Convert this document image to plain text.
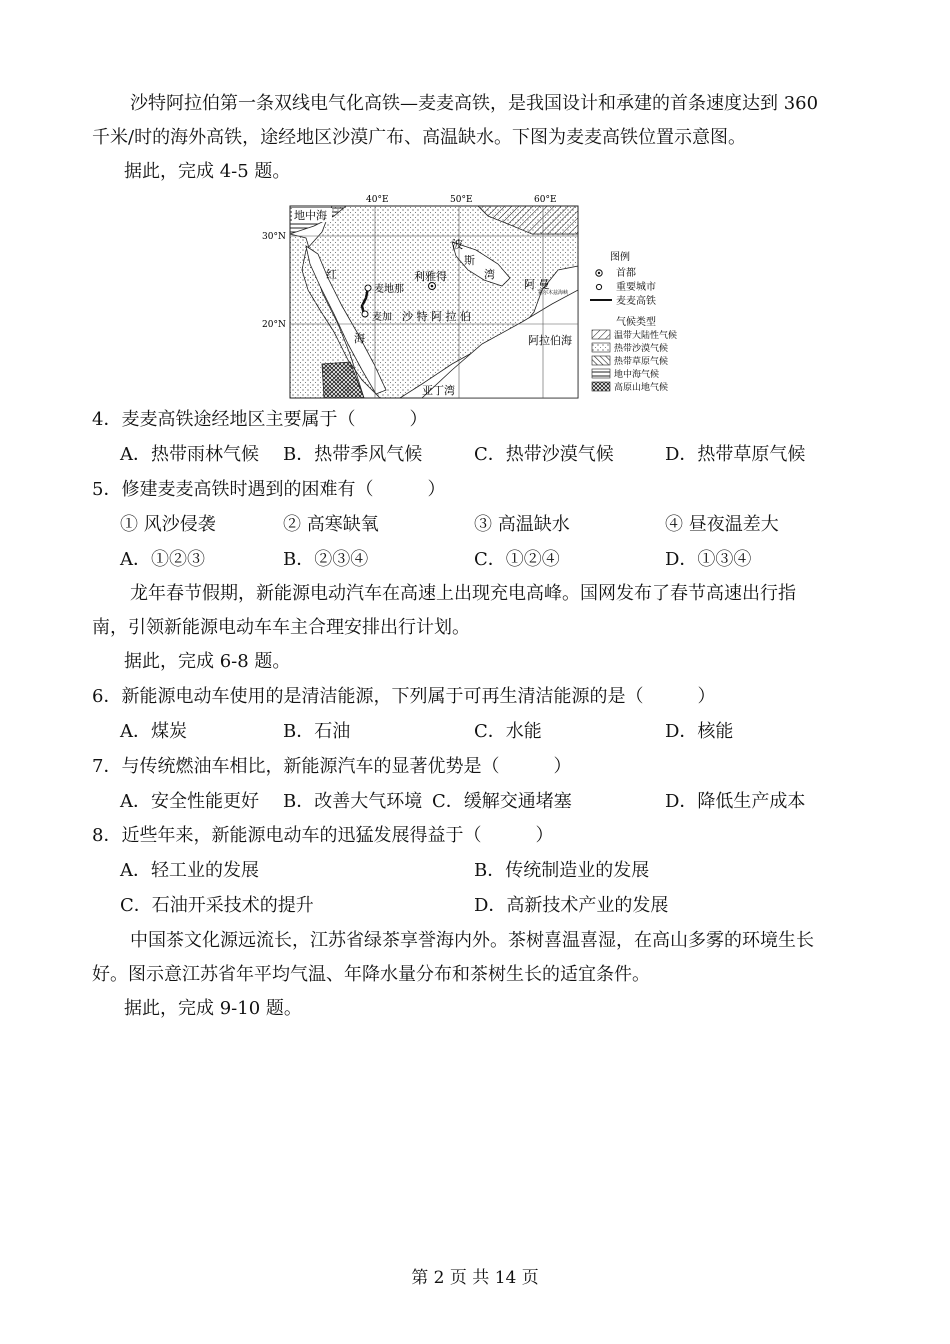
沙特阿拉伯第一条双线电气化高铁—麦麦高铁，是我国设计和承建的首条速度达到 360
千米/时的海外高铁，途经地区沙漠广布、高温缺水。下图为麦麦高铁位置示意图。
据此，完成 4-5 题。
40°E	50°E	60°E
30°N
20°N
地中海
红
海
利雅得
麦地那
麦加 沙 特 阿 拉 伯
波
斯
湾
阿 曼
霍尔木兹海峡
阿拉伯海
亚丁湾
图例
首都
重要城市
麦麦高铁
气候类型
温带大陆性气候
热带沙漠气候
热带草原气候
地中海气候
高原山地气候
4．麦麦高铁途经地区主要属于（　　　）
A．热带雨林气候 B．热带季风气候	C．热带沙漠气候	D．热带草原气候
5．修建麦麦高铁时遇到的困难有（　　　）
① 风沙侵袭	② 高寒缺氧	③ 高温缺水	④ 昼夜温差大
A．①②③	B．②③④	C．①②④	D．①③④
龙年春节假期，新能源电动汽车在高速上出现充电高峰。国网发布了春节高速出行指
南，引领新能源电动车车主合理安排出行计划。
据此，完成 6-8 题。
6．新能源电动车使用的是清洁能源，下列属于可再生清洁能源的是（　　　）
A．煤炭	B．石油	C．水能	D．核能
7．与传统燃油车相比，新能源汽车的显著优势是（　　　）
A．安全性能更好 B．改善大气环境 C．缓解交通堵塞	D．降低生产成本
8．近些年来，新能源电动车的迅猛发展得益于（　　　）
A．轻工业的发展	B．传统制造业的发展
C．石油开采技术的提升	D．高新技术产业的发展
中国茶文化源远流长，江苏省绿茶享誉海内外。茶树喜温喜湿，在高山多雾的环境生长
好。图示意江苏省年平均气温、年降水量分布和茶树生长的适宜条件。
据此，完成 9-10 题。
第 2 页 共 14 页
